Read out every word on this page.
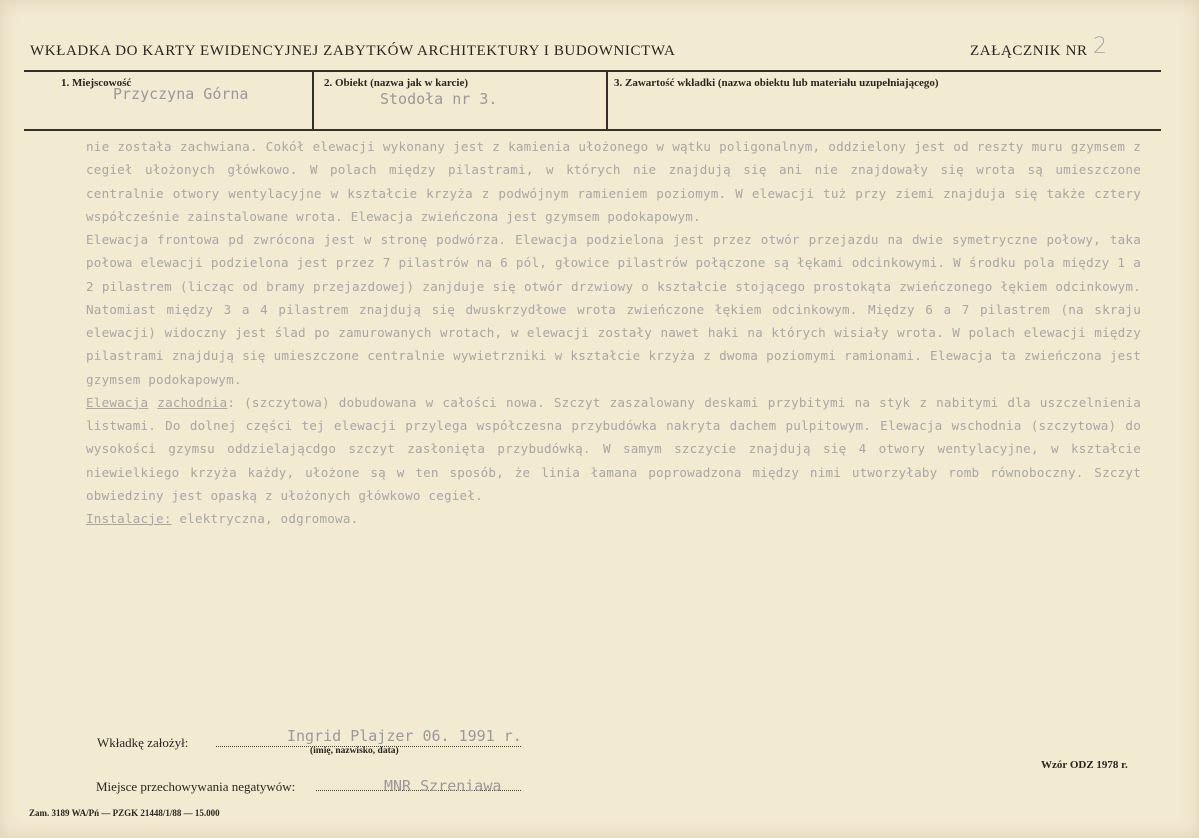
WKŁADKA DO KARTY EWIDENCYJNEJ ZABYTKÓW ARCHITEKTURY I BUDOWNICTWA	ZAŁĄCZNIK NR 2
1. Miejscowość
Przyczyna Górna
2. Obiekt (nazwa jak w karcie)
Stodoła nr 3.
3. Zawartość wkładki (nazwa obiektu lub materiału uzupełniającego)

nie została zachwiana. Cokół elewacji wykonany jest z kamienia ułożonego w wątku poligonalnym, oddzielony jest od reszty muru gzymsem z cegieł ułożonych główkowo. W polach między pilastrami, w których nie znajdują się ani nie znajdowały się wrota są umieszczone centralnie otwory wentylacyjne w kształcie krzyża z podwójnym ramieniem poziomym. W elewacji tuż przy ziemi znajduja się także cztery współcześnie zainstalowane wrota. Elewacja zwieńczona jest gzymsem podokapowym.

Elewacja frontowa pd zwrócona jest w stronę podwórza. Elewacja podzielona jest przez otwór przejazdu na dwie symetryczne połowy, taka połowa elewacji podzielona jest przez 7 pilastrów na 6 pól, głowice pilastrów połączone są łękami odcinkowymi. W środku pola między 1 a 2 pilastrem (licząc od bramy przejazdowej) zanjduje się otwór drzwiowy o kształcie stojącego prostokąta zwieńczonego łękiem odcinkowym. Natomiast między 3 a 4 pilastrem znajdują się dwuskrzydłowe wrota zwieńczone łękiem odcinkowym. Między 6 a 7 pilastrem (na skraju elewacji) widoczny jest ślad po zamurowanych wrotach, w elewacji zostały nawet haki na których wisiały wrota. W polach elewacji między pilastrami znajdują się umieszczone centralnie wywietrzniki w kształcie krzyża z dwoma poziomymi ramionami. Elewacja ta zwieńczona jest gzymsem podokapowym.

Elewacja zachodnia: (szczytowa) dobudowana w całości nowa. Szczyt zaszalowany deskami przybitymi na styk z nabitymi dla uszczelnienia listwami. Do dolnej części tej elewacji przylega współczesna przybudówka nakryta dachem pulpitowym. Elewacja wschodnia (szczytowa) do wysokości gzymsu oddzielającdgo szczyt zasłonięta przybudówką. W samym szczycie znajdują się 4 otwory wentylacyjne, w kształcie niewielkiego krzyża każdy, ułożone są w ten sposób, że linia łamana poprowadzona między nimi utworzyłaby romb równoboczny. Szczyt obwiedziny jest opaską z ułożonych główkowo cegieł.

Instalacje: elektryczna, odgromowa.

Wkładkę założył:	Ingrid Plajzer 06. 1991 r.
(imię, nazwisko, data)
Wzór ODZ 1978 r.
Miejsce przechowywania negatywów:	MNR Szreniawa
Zam. 3189 WA/Pń — PZGK 21448/1/88 — 15.000
